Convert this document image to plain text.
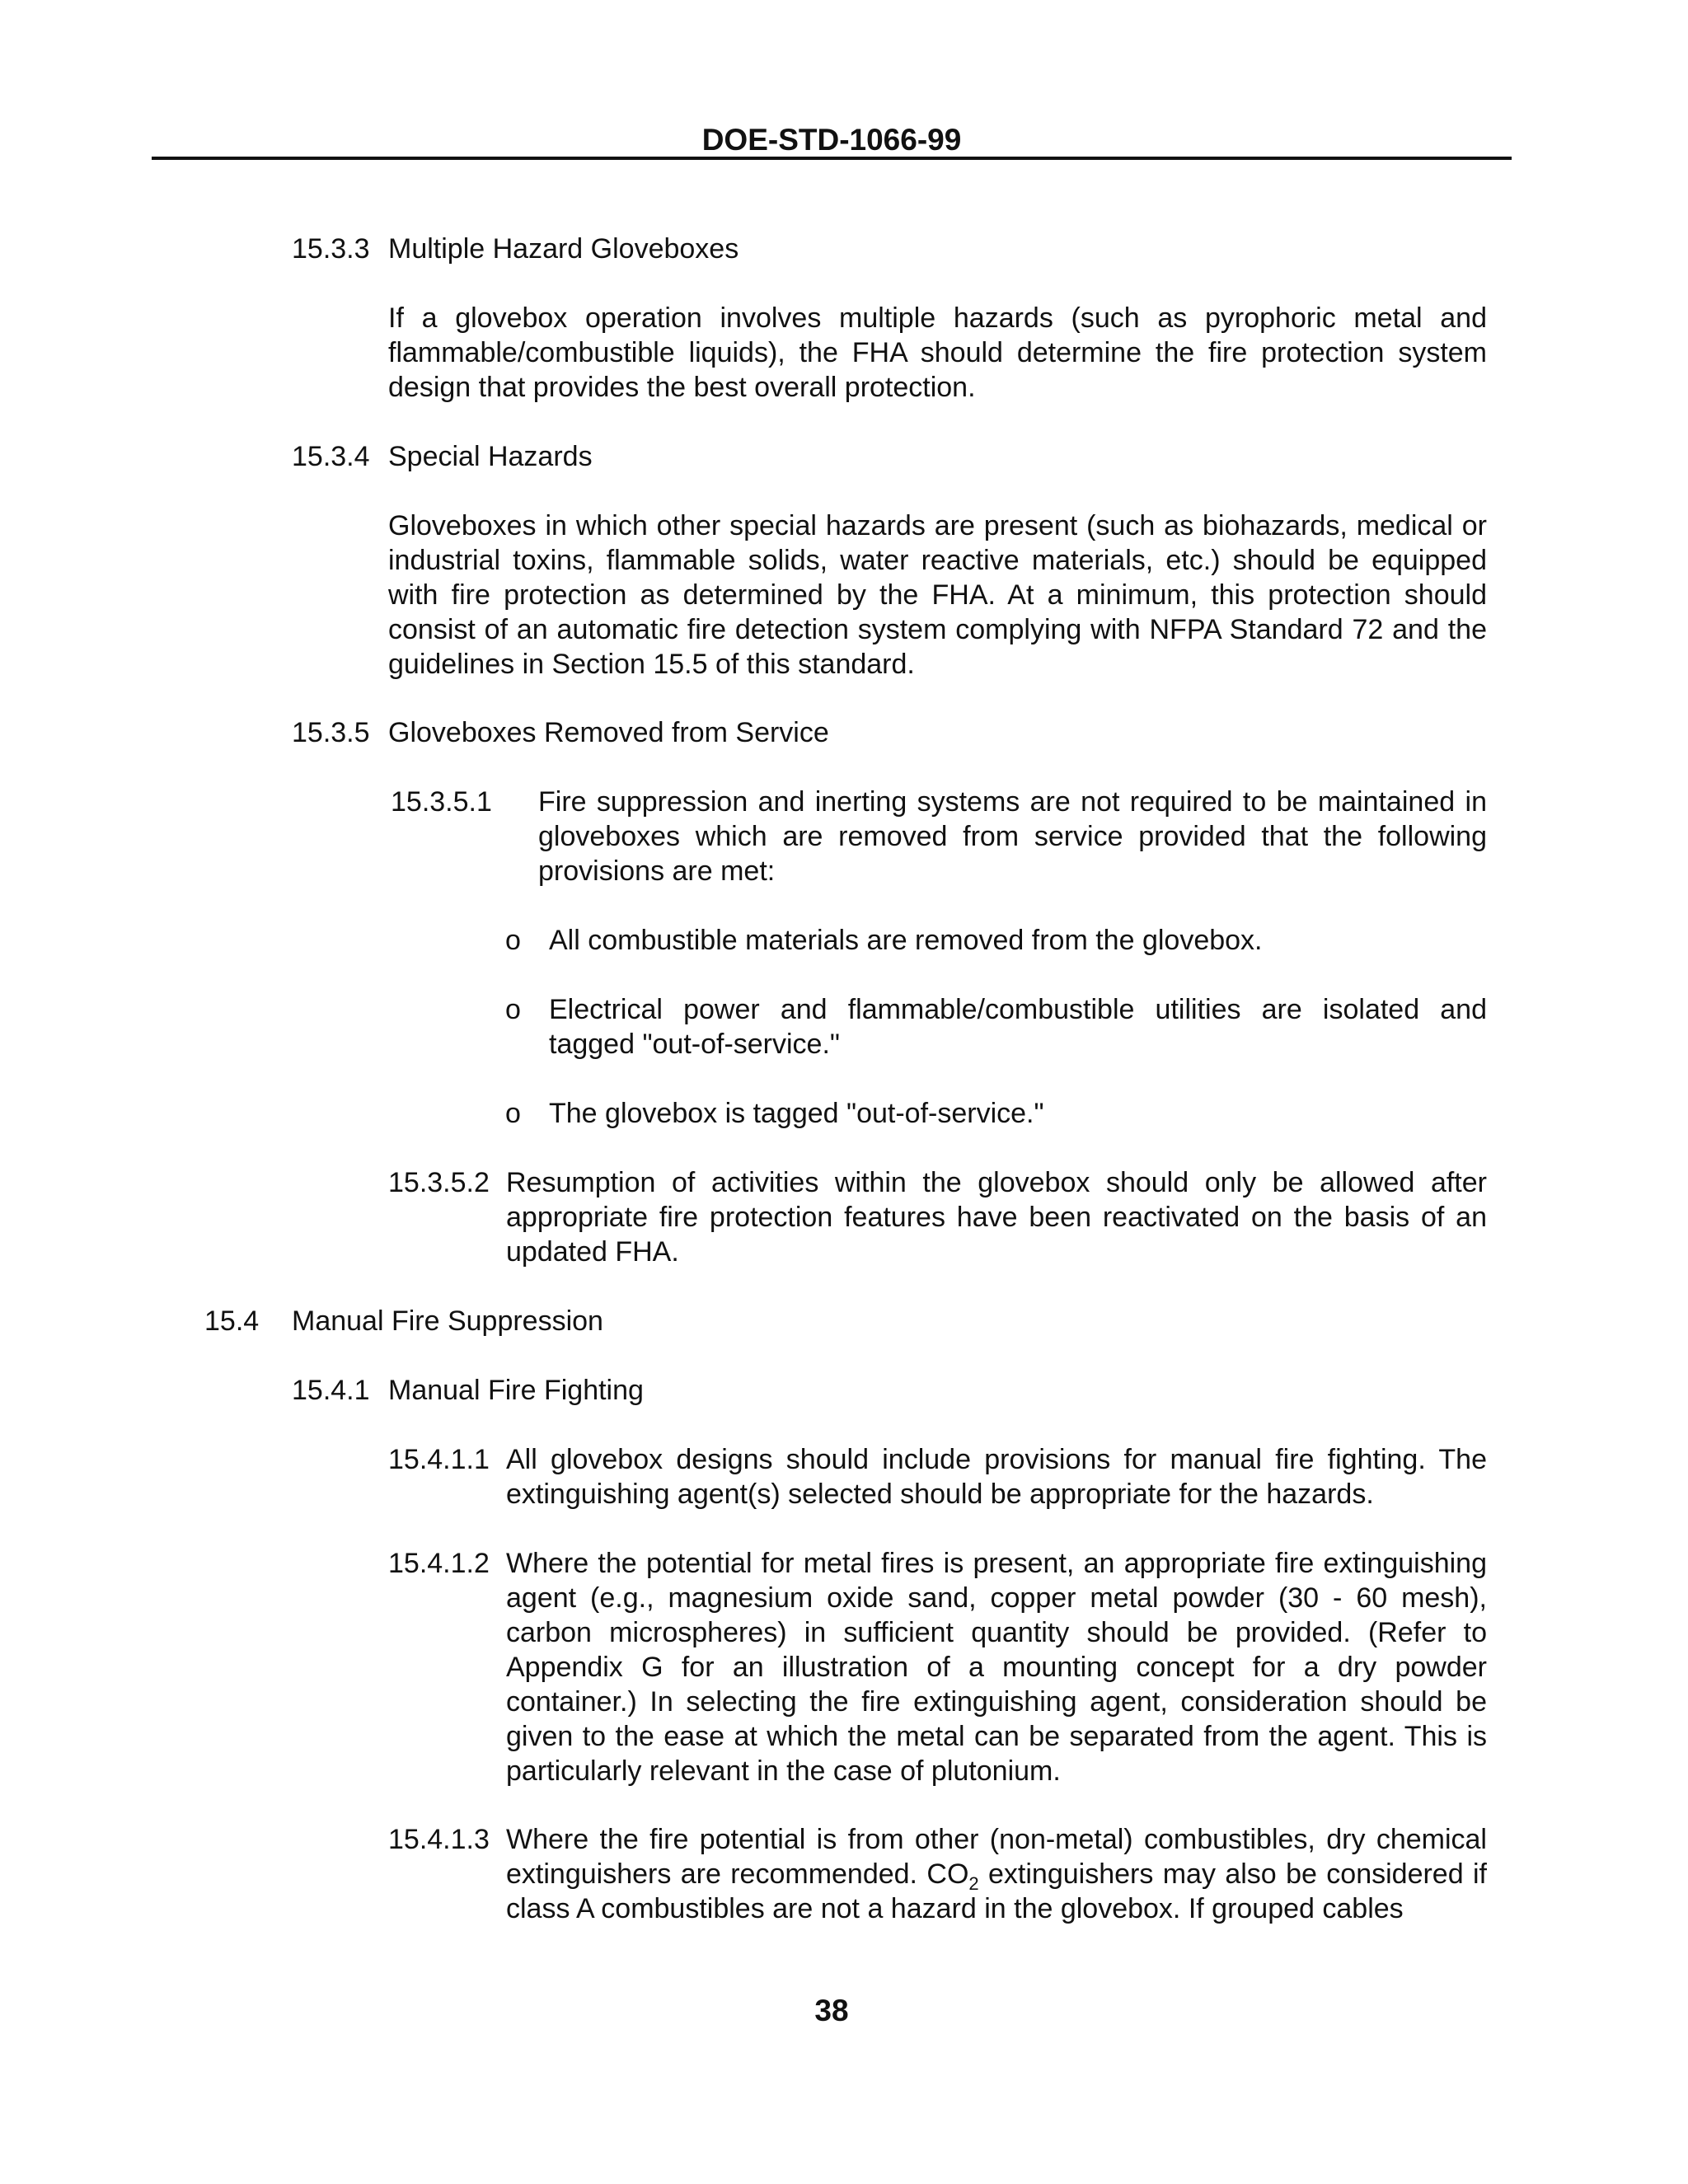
DOE-STD-1066-99
15.3.3 Multiple Hazard Gloveboxes

If a glovebox operation involves multiple hazards (such as pyrophoric metal and flammable/combustible liquids), the FHA should determine the fire protection system design that provides the best overall protection.

15.3.4 Special Hazards

Gloveboxes in which other special hazards are present (such as biohazards, medical or industrial toxins, flammable solids, water reactive materials, etc.) should be equipped with fire protection as determined by the FHA. At a minimum, this protection should consist of an automatic fire detection system complying with NFPA Standard 72 and the guidelines in Section 15.5 of this standard.

15.3.5 Gloveboxes Removed from Service
15.3.5.1 Fire suppression and inerting systems are not required to be maintained in gloveboxes which are removed from service provided that the following provisions are met:

o All combustible materials are removed from the glovebox.

o Electrical power and flammable/combustible utilities are isolated and tagged "out-of-service."

o The glovebox is tagged "out-of-service."

15.3.5.2 Resumption of activities within the glovebox should only be allowed after appropriate fire protection features have been reactivated on the basis of an updated FHA.

15.4 Manual Fire Suppression
15.4.1 Manual Fire Fighting
15.4.1.1 All glovebox designs should include provisions for manual fire fighting. The extinguishing agent(s) selected should be appropriate for the hazards.

15.4.1.2 Where the potential for metal fires is present, an appropriate fire extinguishing agent (e.g., magnesium oxide sand, copper metal powder (30 - 60 mesh), carbon microspheres) in sufficient quantity should be provided. (Refer to Appendix G for an illustration of a mounting concept for a dry powder container.) In selecting the fire extinguishing agent, consideration should be given to the ease at which the metal can be separated from the agent. This is particularly relevant in the case of plutonium.

15.4.1.3 Where the fire potential is from other (non-metal) combustibles, dry chemical extinguishers are recommended. $CO_2$ extinguishers may also be considered if class A combustibles are not a hazard in the glovebox. If grouped cables

38
